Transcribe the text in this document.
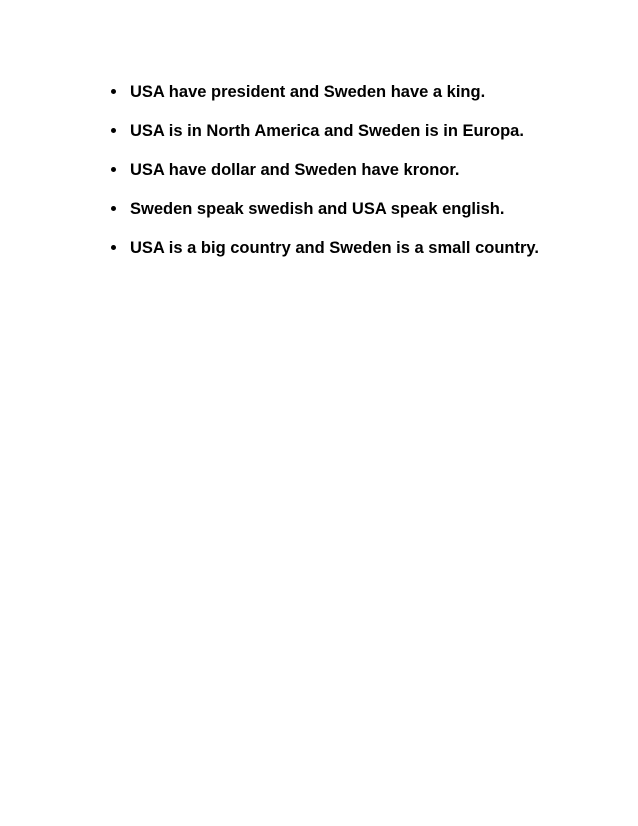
USA have president and Sweden have a king.
USA is in North America and Sweden is in Europa.
USA have dollar and Sweden have kronor.
Sweden speak swedish and USA speak english.
USA is a big country and Sweden is a small country.
